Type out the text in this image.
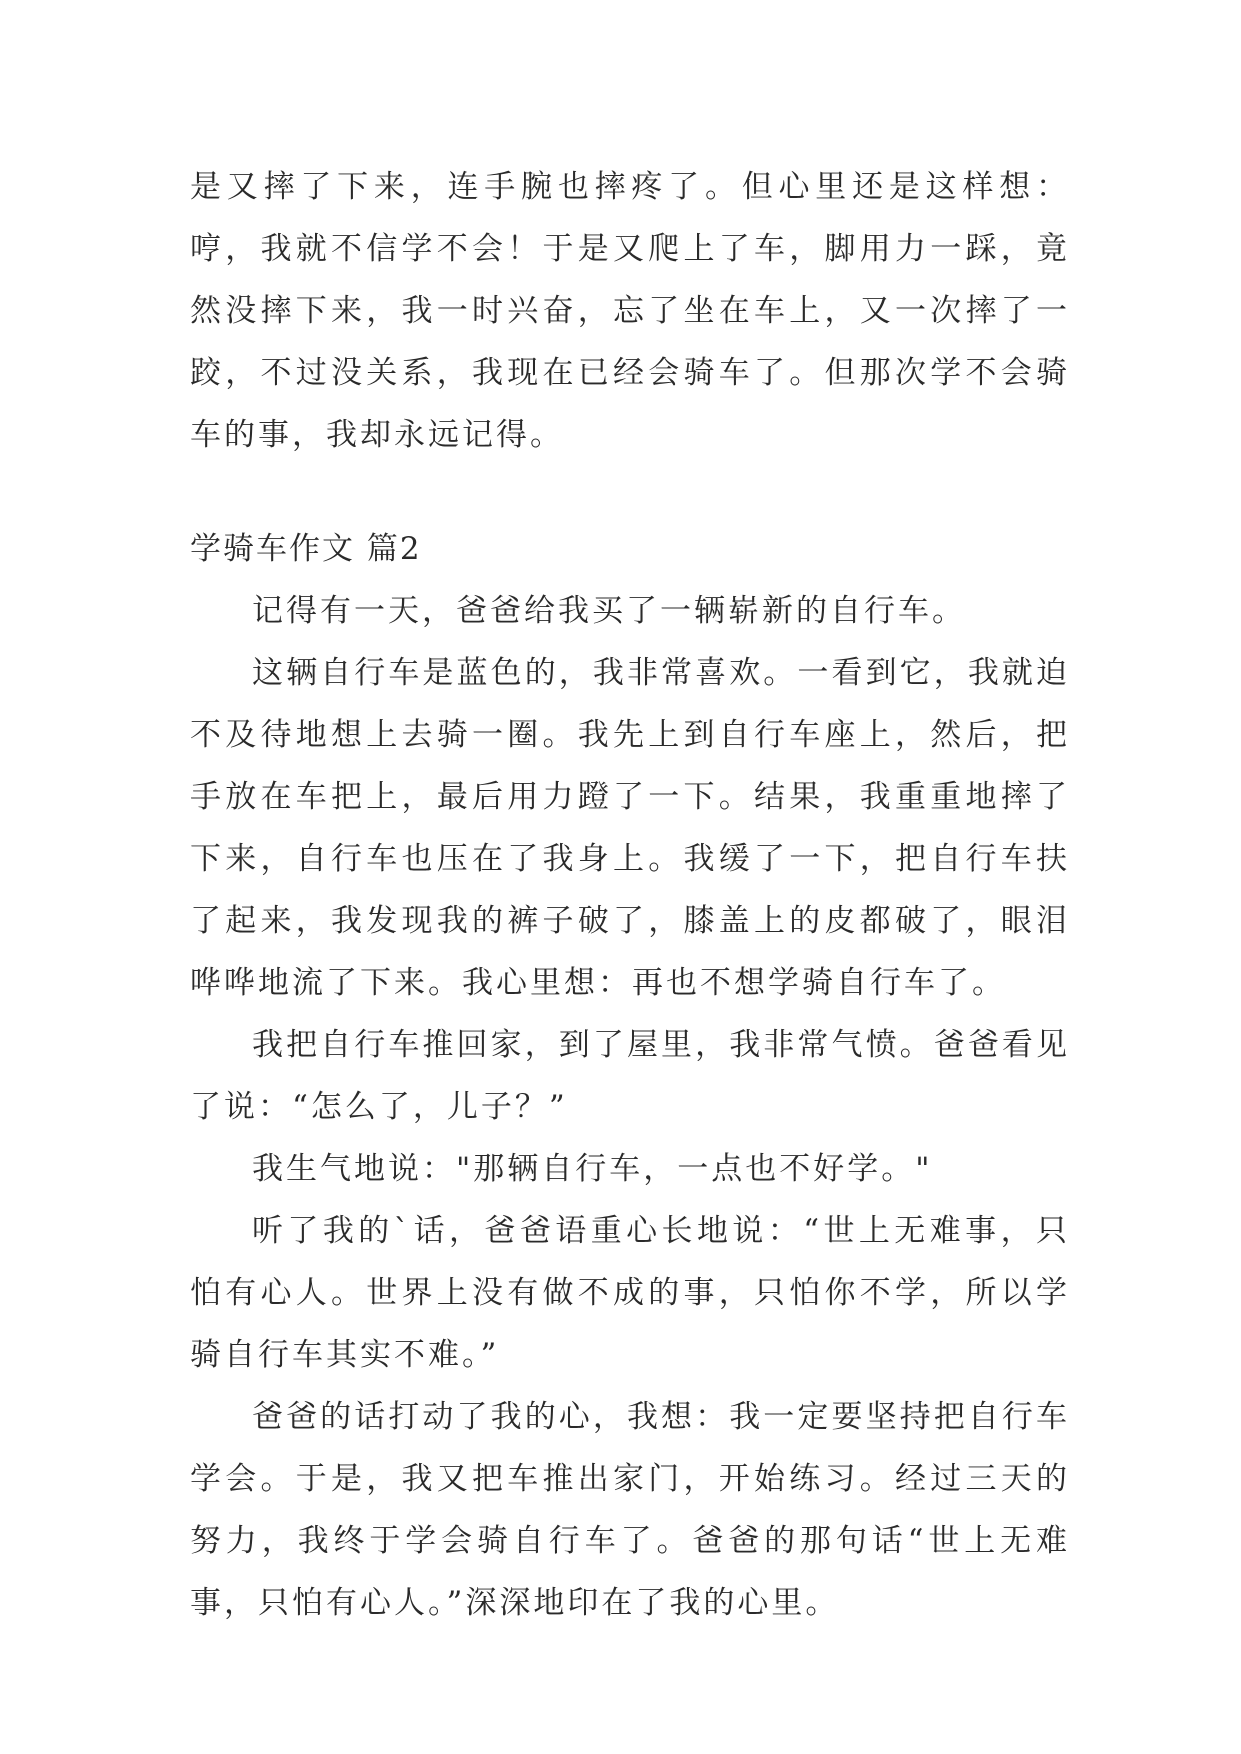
是又摔了下来，连手腕也摔疼了。但心里还是这样想：哼，我就不信学不会！于是又爬上了车，脚用力一踩，竟然没摔下来，我一时兴奋，忘了坐在车上，又一次摔了一跤，不过没关系，我现在已经会骑车了。但那次学不会骑车的事，我却永远记得。

学骑车作文 篇2

记得有一天，爸爸给我买了一辆崭新的自行车。

这辆自行车是蓝色的，我非常喜欢。一看到它，我就迫不及待地想上去骑一圈。我先上到自行车座上，然后，把手放在车把上，最后用力蹬了一下。结果，我重重地摔了下来，自行车也压在了我身上。我缓了一下，把自行车扶了起来，我发现我的裤子破了，膝盖上的皮都破了，眼泪哗哗地流了下来。我心里想：再也不想学骑自行车了。

我把自行车推回家，到了屋里，我非常气愤。爸爸看见了说：“怎么了，儿子？”

我生气地说："那辆自行车，一点也不好学。"

听了我的`话，爸爸语重心长地说：“世上无难事，只怕有心人。世界上没有做不成的事，只怕你不学，所以学骑自行车其实不难。”

爸爸的话打动了我的心，我想：我一定要坚持把自行车学会。于是，我又把车推出家门，开始练习。经过三天的努力，我终于学会骑自行车了。爸爸的那句话“世上无难事，只怕有心人。”深深地印在了我的心里。
